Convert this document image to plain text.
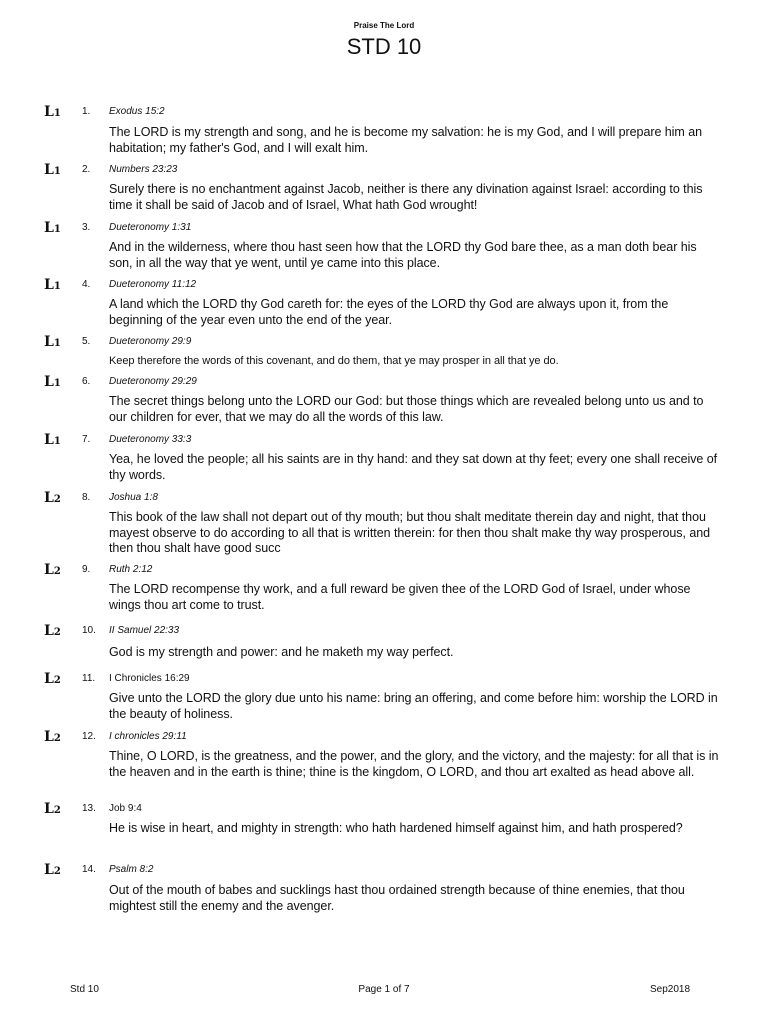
Praise The Lord
STD 10
L1 1. Exodus 15:2
The LORD is my strength and song, and he is become my salvation: he is my God, and I will prepare him an habitation; my father's God, and I will exalt him.
L1 2. Numbers 23:23
Surely there is no enchantment against Jacob, neither is there any divination against Israel: according to this time it shall be said of Jacob and of Israel, What hath God wrought!
L1 3. Dueteronomy 1:31
And in the wilderness, where thou hast seen how that the LORD thy God bare thee, as a man doth bear his son, in all the way that ye went, until ye came into this place.
L1 4. Dueteronomy 11:12
A land which the LORD thy God careth for: the eyes of the LORD thy God are always upon it, from the beginning of the year even unto the end of the year.
L1 5. Dueteronomy 29:9
Keep therefore the words of this covenant, and do them, that ye may prosper in all that ye do.
L1 6. Dueteronomy 29:29
The secret things belong unto the LORD our God: but those things which are revealed belong unto us and to our children for ever, that we may do all the words of this law.
L1 7. Dueteronomy 33:3
Yea, he loved the people; all his saints are in thy hand: and they sat down at thy feet; every one shall receive of thy words.
L2 8. Joshua 1:8
This book of the law shall not depart out of thy mouth; but thou shalt meditate therein day and night, that thou mayest observe to do according to all that is written therein: for then thou shalt make thy way prosperous, and then thou shalt have good succ
L2 9. Ruth 2:12
The LORD recompense thy work, and a full reward be given thee of the LORD God of Israel, under whose wings thou art come to trust.
L2 10. II Samuel 22:33
God is my strength and power: and he maketh my way perfect.
L2 11. I Chronicles 16:29
Give unto the LORD the glory due unto his name: bring an offering, and come before him: worship the LORD in the beauty of holiness.
L2 12. I chronicles 29:11
Thine, O LORD, is the greatness, and the power, and the glory, and the victory, and the majesty: for all that is in the heaven and in the earth is thine; thine is the kingdom, O LORD, and thou art exalted as head above all.
L2 13. Job 9:4
He is wise in heart, and mighty in strength: who hath hardened himself against him, and hath prospered?
L2 14. Psalm 8:2
Out of the mouth of babes and sucklings hast thou ordained strength because of thine enemies, that thou mightest still the enemy and the avenger.
Std 10	Page 1 of 7	Sep2018
